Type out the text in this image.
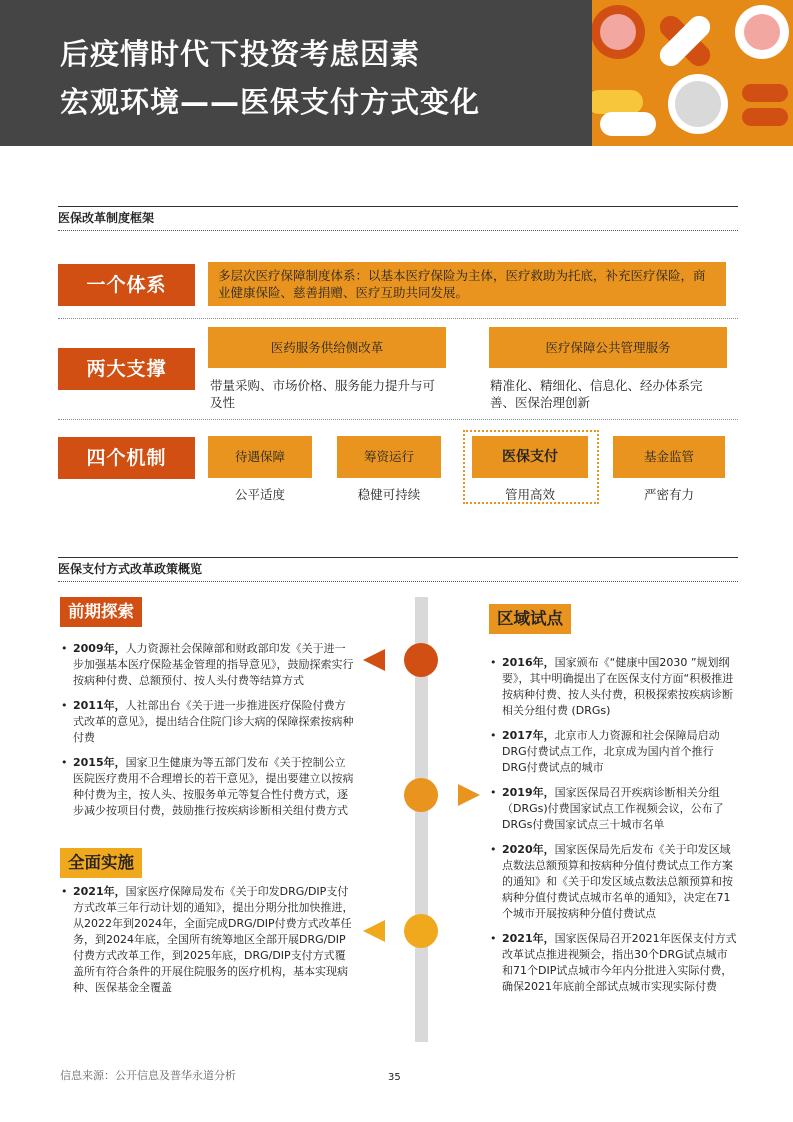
后疫情时代下投资考虑因素
宏观环境——医保支付方式变化
医保改革制度框架
一个体系	多层次医疗保障制度体系：以基本医疗保险为主体，医疗救助为托底，补充医疗保险，商业健康保险、慈善捐赠、医疗互助共同发展。
两大支撑
医药服务供给侧改革
带量采购、市场价格、服务能力提升与可及性
医疗保障公共管理服务
精准化、精细化、信息化、经办体系完善、医保治理创新
四个机制	待遇保障
公平适度
筹资运行
稳健可持续
医保支付
管用高效
基金监管
严密有力
医保支付方式改革政策概览
前期探索
• 2009年，人力资源社会保障部和财政部印发《关于进一步加强基本医疗保险基金管理的指导意见》，鼓励探索实行按病种付费、总额预付、按人头付费等结算方式
• 2011年，人社部出台《关于进一步推进医疗保险付费方式改革的意见》，提出结合住院门诊大病的保障探索按病种付费
• 2015年，国家卫生健康为等五部门发布《关于控制公立医院医疗费用不合理增长的若干意见》，提出要建立以按病种付费为主，按人头、按服务单元等复合性付费方式，逐步减少按项目付费，鼓励推行按疾病诊断相关组付费方式
全面实施
• 2021年，国家医疗保障局发布《关于印发DRG/DIP支付方式改革三年行动计划的通知》，提出分期分批加快推进，从2022年到2024年，全面完成DRG/DIP付费方式改革任务，到2024年底，全国所有统筹地区全部开展DRG/DIP付费方式改革工作，到2025年底，DRG/DIP支付方式覆盖所有符合条件的开展住院服务的医疗机构，基本实现病种、医保基金全覆盖
区域试点
• 2016年，国家颁布《“健康中国2030 ”规划纲要》，其中明确提出了在医保支付方面“积极推进按病种付费、按人头付费，积极探索按疾病诊断相关分组付费 (DRGs)
• 2017年，北京市人力资源和社会保障局启动DRG付费试点工作，北京成为国内首个推行DRG付费试点的城市
• 2019年，国家医保局召开疾病诊断相关分组（DRGs)付费国家试点工作视频会议，公布了DRGs付费国家试点三十城市名单
• 2020年，国家医保局先后发布《关于印发区域点数法总额预算和按病种分值付费试点工作方案的通知》和《关于印发区域点数法总额预算和按病种分值付费试点城市名单的通知》，决定在71个城市开展按病种分值付费试点
• 2021年，国家医保局召开2021年医保支付方式改革试点推进视频会，指出30个DRG试点城市和71个DIP试点城市今年内分批进入实际付费，确保2021年底前全部试点城市实现实际付费
信息来源：公开信息及普华永道分析	35
